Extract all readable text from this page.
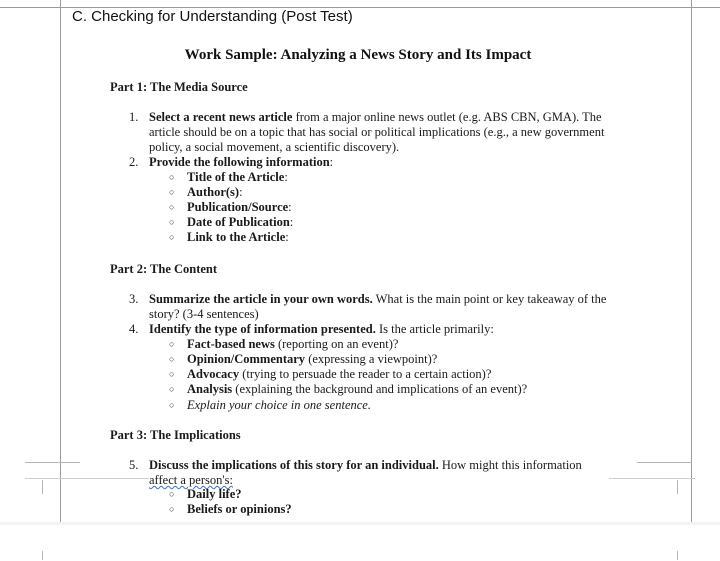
C. Checking for Understanding (Post Test)
Work Sample: Analyzing a News Story and Its Impact
Part 1: The Media Source
1. Select a recent news article from a major online news outlet (e.g. ABS CBN, GMA). The article should be on a topic that has social or political implications (e.g., a new government policy, a social movement, a scientific discovery).
2. Provide the following information:
○ Title of the Article:
○ Author(s):
○ Publication/Source:
○ Date of Publication:
○ Link to the Article:
Part 2: The Content
3. Summarize the article in your own words. What is the main point or key takeaway of the story? (3-4 sentences)
4. Identify the type of information presented. Is the article primarily:
○ Fact-based news (reporting on an event)?
○ Opinion/Commentary (expressing a viewpoint)?
○ Advocacy (trying to persuade the reader to a certain action)?
○ Analysis (explaining the background and implications of an event)?
○ Explain your choice in one sentence.
Part 3: The Implications
5. Discuss the implications of this story for an individual. How might this information
affect a person's:
○ Daily life?
○ Beliefs or opinions?
